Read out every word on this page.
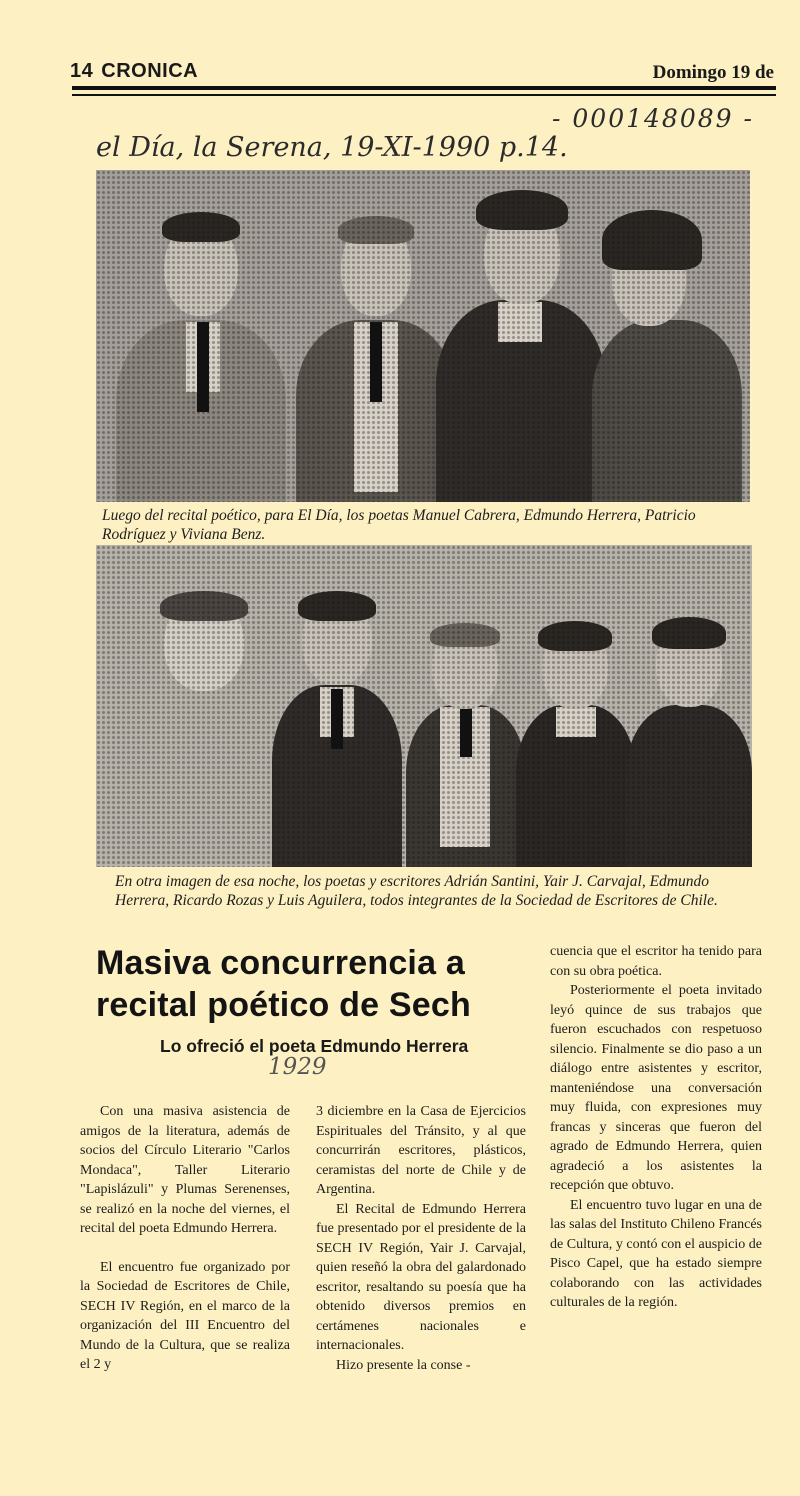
14 CRONICA	Domingo 19 de
- 000148089 -
el Día, la Serena, 19-XI-1990 p.14.
Luego del recital poético, para El Día, los poetas Manuel Cabrera, Edmundo Herrera, Patricio Rodríguez y Viviana Benz.
En otra imagen de esa noche, los poetas y escritores Adrián Santini, Yair J. Carvajal, Edmundo Herrera, Ricardo Rozas y Luis Aguilera, todos integrantes de la Sociedad de Escritores de Chile.
Masiva concurrencia a recital poético de Sech
Lo ofreció el poeta Edmundo Herrera
1929

Con una masiva asistencia de amigos de la literatura, además de socios del Círculo Literario "Carlos Mondaca", Taller Literario "Lapislázuli" y Plumas Serenenses, se realizó en la noche del viernes, el recital del poeta Edmundo Herrera.

El encuentro fue organizado por la Sociedad de Escritores de Chile, SECH IV Región, en el marco de la organización del III Encuentro del Mundo de la Cultura, que se realiza el 2 y

3 diciembre en la Casa de Ejercicios Espirituales del Tránsito, y al que concurrirán escritores, plásticos, ceramistas del norte de Chile y de Argentina.

El Recital de Edmundo Herrera fue presentado por el presidente de la SECH IV Región, Yair J. Carvajal, quien reseñó la obra del galardonado escritor, resaltando su poesía que ha obtenido diversos premios en certámenes nacionales e internacionales.

Hizo presente la conse -

cuencia que el escritor ha tenido para con su obra poética.

Posteriormente el poeta invitado leyó quince de sus trabajos que fueron escuchados con respetuoso silencio. Finalmente se dio paso a un diálogo entre asistentes y escritor, manteniéndose una conversación muy fluida, con expresiones muy francas y sinceras que fueron del agrado de Edmundo Herrera, quien agradeció a los asistentes la recepción que obtuvo.

El encuentro tuvo lugar en una de las salas del Instituto Chileno Francés de Cultura, y contó con el auspicio de Pisco Capel, que ha estado siempre colaborando con las actividades culturales de la región.
